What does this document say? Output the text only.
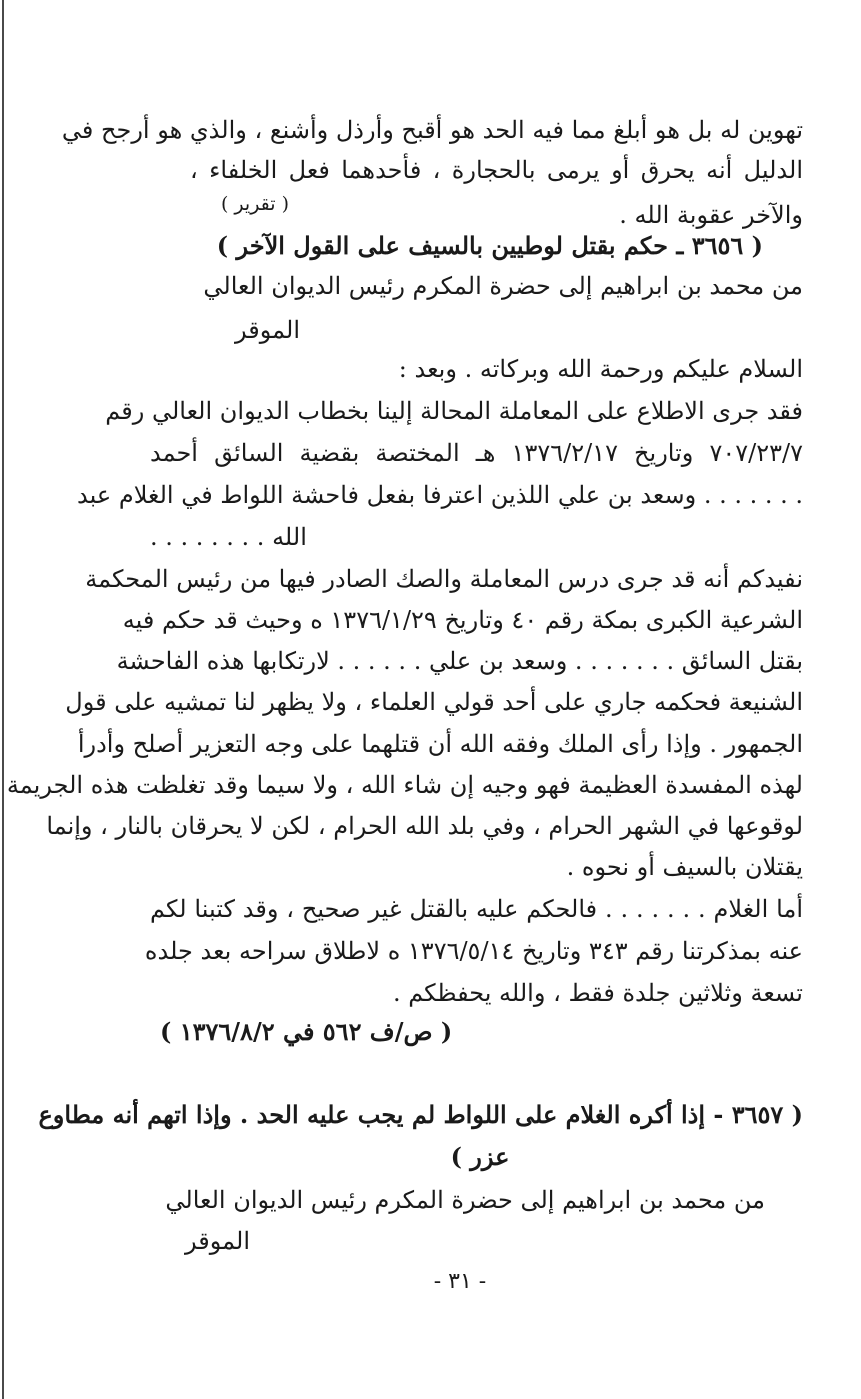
تهوين له بل هو أبلغ مما فيه الحد هو أقبح وأرذل وأشنع ، والذي هو أرجح في
الدليل أنه يحرق أو يرمى بالحجارة ، فأحدهما فعل الخلفاء ،
( تقرير )	والآخر عقوبة الله .
( ٣٦٥٦ ـ حكم بقتل لوطيين بالسيف على القول الآخر )
من محمد بن ابراهيم إلى حضرة المكرم رئيس الديوان العالي
الموقر
السلام عليكم ورحمة الله وبركاته . وبعد :
فقد جرى الاطلاع على المعاملة المحالة إلينا بخطاب الديوان العالي رقم
٧٠٧/٢٣/٧ وتاريخ ١٣٧٦/٢/١٧ هـ المختصة بقضية السائق أحمد
. . . . . . . وسعد بن علي اللذين اعترفا بفعل فاحشة اللواط في الغلام عبد
الله . . . . . . . .
نفيدكم أنه قد جرى درس المعاملة والصك الصادر فيها من رئيس المحكمة
الشرعية الكبرى بمكة رقم ٤٠ وتاريخ ١٣٧٦/١/٢٩ ه وحيث قد حكم فيه
بقتل السائق . . . . . . . وسعد بن علي . . . . . . لارتكابها هذه الفاحشة
الشنيعة فحكمه جاري على أحد قولي العلماء ، ولا يظهر لنا تمشيه على قول
الجمهور . وإذا رأى الملك وفقه الله أن قتلهما على وجه التعزير أصلح وأدرأ
لهذه المفسدة العظيمة فهو وجيه إن شاء الله ، ولا سيما وقد تغلظت هذه الجريمة
لوقوعها في الشهر الحرام ، وفي بلد الله الحرام ، لكن لا يحرقان بالنار ، وإنما
يقتلان بالسيف أو نحوه .
أما الغلام . . . . . . . فالحكم عليه بالقتل غير صحيح ، وقد كتبنا لكم
عنه بمذكرتنا رقم ٣٤٣ وتاريخ ١٣٧٦/٥/١٤ ه لاطلاق سراحه بعد جلده
تسعة وثلاثين جلدة فقط ، والله يحفظكم .
( ص/ف ٥٦٢ في ١٣٧٦/٨/٢ )
( ٣٦٥٧ - إذا أكره الغلام على اللواط لم يجب عليه الحد . وإذا اتهم أنه مطاوع
عزر )
من محمد بن ابراهيم إلى حضرة المكرم رئيس الديوان العالي
الموقر
- ٣١ -
